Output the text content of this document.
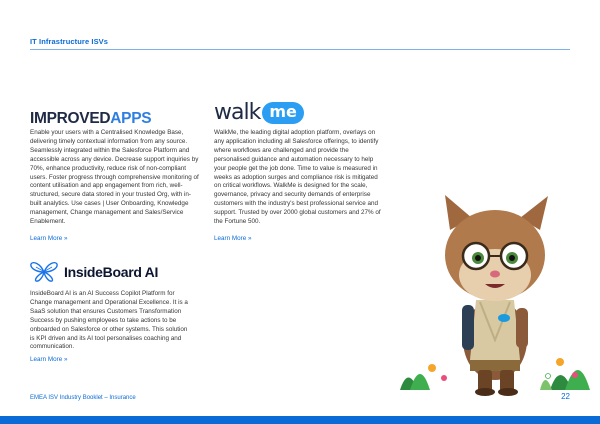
IT Infrastructure ISVs
IMPROVEDAPPS

Enable your users with a Centralised Knowledge Base, delivering timely contextual information from any source. Seamlessly integrated within the Salesforce Platform and accessible across any device. Decrease support inquiries by 70%, enhance productivity, reduce risk of non-compliant users. Foster progress through comprehensive monitoring of content utilisation and app engagement from rich, well-structured, secure data stored in your trusted Org, with in-built analytics. Use cases | User Onboarding, Knowledge management, Change management and Sales/Service Enablement.

Learn More »
walk me

WalkMe, the leading digital adoption platform, overlays on any application including all Salesforce offerings, to identify where workflows are challenged and provide the personalised guidance and automation necessary to help your people get the job done. Time to value is measured in weeks as adoption surges and compliance risk is mitigated on critical workflows. WalkMe is designed for the scale, governance, privacy and security demands of enterprise customers with the industry's best professional service and support. Trusted by over 2000 global customers and 27% of the Fortune 500.

Learn More »
InsideBoard AI

InsideBoard AI is an AI Success Copilot Platform for Change management and Operational Excellence. It is a SaaS solution that ensures Customers Transformation Success by pushing employees to take actions to be onboarded on Salesforce or other systems. This solution is KPI driven and its AI tool personalises coaching and communication.

Learn More »
EMEA ISV Industry Booklet – Insurance	22
